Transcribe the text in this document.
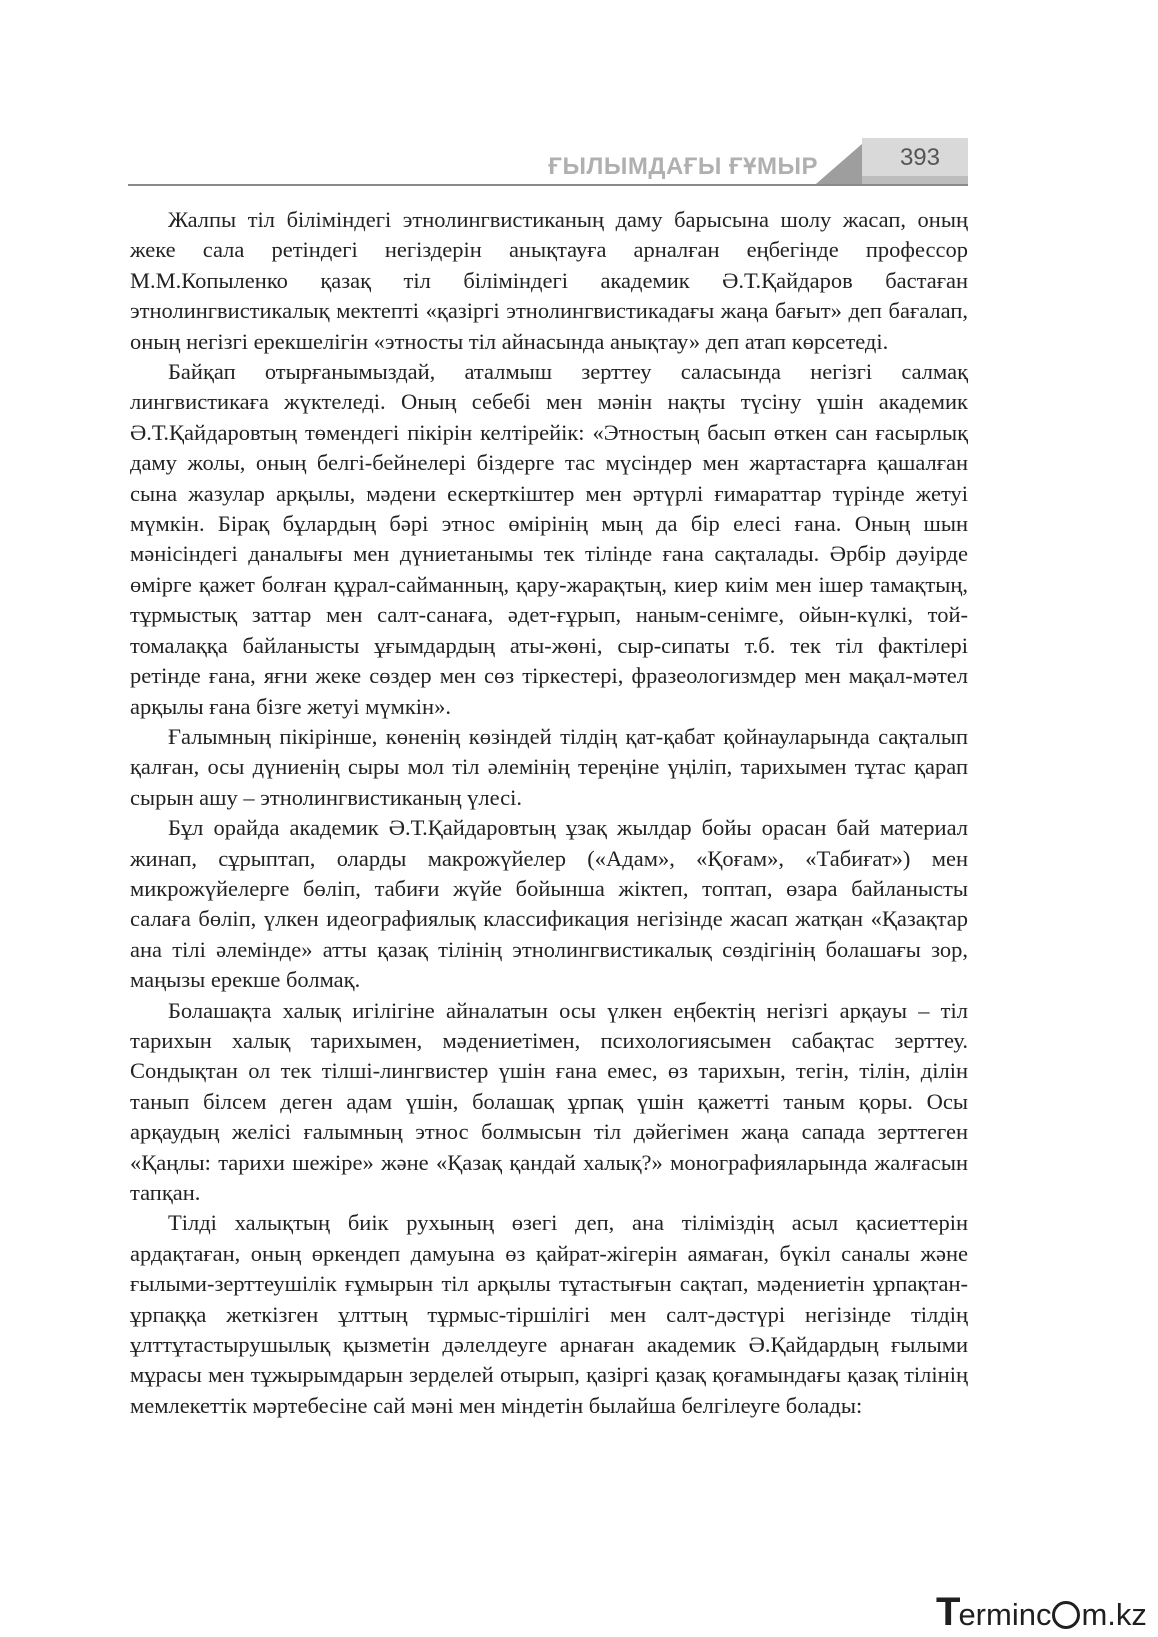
ҒЫЛЫМДАҒЫ ҒҰМЫР	393

Жалпы тіл біліміндегі этнолингвистиканың даму барысына шолу жасап, оның жеке сала ретіндегі негіздерін анықтауға арналған еңбегінде профессор М.М.Копыленко қазақ тіл біліміндегі академик Ә.Т.Қайдаров бастаған этнолингвистикалық мектепті «қазіргі этнолингвистикадағы жаңа бағыт» деп бағалап, оның негізгі ерекшелігін «этносты тіл айнасында анықтау» деп атап көрсетеді.

Байқап отырғанымыздай, аталмыш зерттеу саласында негізгі салмақ лингвистикаға жүктеледі. Оның себебі мен мәнін нақты түсіну үшін академик Ә.Т.Қайдаровтың төмендегі пікірін келтірейік: «Этностың басып өткен сан ғасырлық даму жолы, оның белгі-бейнелері біздерге тас мүсіндер мен жартастарға қашалған сына жазулар арқылы, мәдени ескерткіштер мен әртүрлі ғимараттар түрінде жетуі мүмкін. Бірақ бұлардың бәрі этнос өмірінің мың да бір елесі ғана. Оның шын мәнісіндегі даналығы мен дүниетанымы тек тілінде ғана сақталады. Әрбір дәуірде өмірге қажет болған құрал-сайманның, қару-жарақтың, киер киім мен ішер тамақтың, тұрмыстық заттар мен салт-санаға, әдет-ғұрып, наным-сенімге, ойын-күлкі, той-томалаққа байланысты ұғымдардың аты-жөні, сыр-сипаты т.б. тек тіл фактілері ретінде ғана, яғни жеке сөздер мен сөз тіркестері, фразеологизмдер мен мақал-мәтел арқылы ғана бізге жетуі мүмкін».

Ғалымның пікірінше, көненің көзіндей тілдің қат-қабат қойнауларында сақталып қалған, осы дүниенің сыры мол тіл әлемінің тереңіне үңіліп, тарихымен тұтас қарап сырын ашу – этнолингвистиканың үлесі.

Бұл орайда академик Ә.Т.Қайдаровтың ұзақ жылдар бойы орасан бай материал жинап, сұрыптап, оларды макрожүйелер («Адам», «Қоғам», «Табиғат») мен микрожүйелерге бөліп, табиғи жүйе бойынша жіктеп, топтап, өзара байланысты салаға бөліп, үлкен идеографиялық классификация негізінде жасап жатқан «Қазақтар ана тілі әлемінде» атты қазақ тілінің этнолингвистикалық сөздігінің болашағы зор, маңызы ерекше болмақ.

Болашақта халық игілігіне айналатын осы үлкен еңбектің негізгі арқауы – тіл тарихын халық тарихымен, мәдениетімен, психологиясымен сабақтас зерттеу. Сондықтан ол тек тілші-лингвистер үшін ғана емес, өз тарихын, тегін, тілін, ділін танып білсем деген адам үшін, болашақ ұрпақ үшін қажетті таным қоры. Осы арқаудың желісі ғалымның этнос болмысын тіл дәйегімен жаңа сапада зерттеген «Қаңлы: тарихи шежіре» және «Қазақ қандай халық?» монографияларында жалғасын тапқан.

Тілді халықтың биік рухының өзегі деп, ана тіліміздің асыл қасиеттерін ардақтаған, оның өркендеп дамуына өз қайрат-жігерін аямаған, бүкіл саналы және ғылыми-зерттеушілік ғұмырын тіл арқылы тұтастығын сақтап, мәдениетін ұрпақтан-ұрпаққа жеткізген ұлттың тұрмыс-тіршілігі мен салт-дәстүрі негізінде тілдің ұлттұтастырушылық қызметін дәлелдеуге арнаған академик Ә.Қайдардың ғылыми мұрасы мен тұжырымдарын зерделей отырып, қазіргі қазақ қоғамындағы қазақ тілінің мемлекеттік мәртебесіне сай мәні мен міндетін былайша белгілеуге болады:

Terminc m.kz
